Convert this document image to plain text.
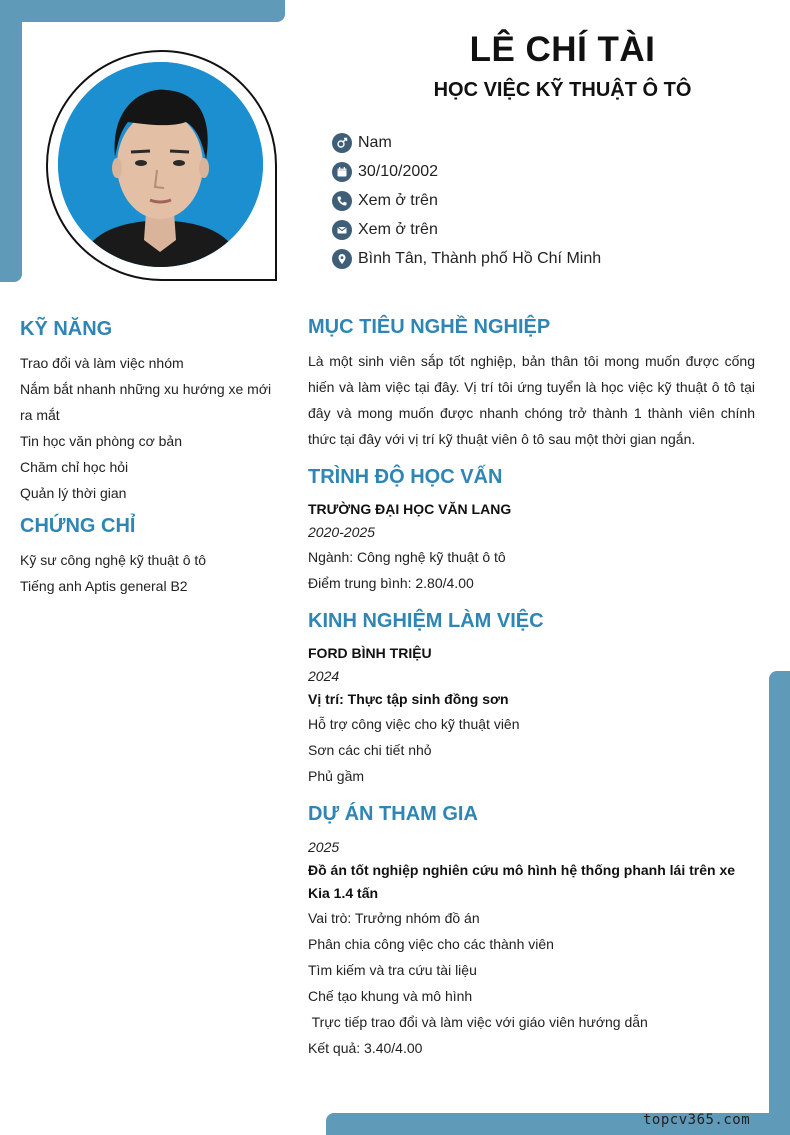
LÊ CHÍ TÀI
HỌC VIỆC KỸ THUẬT Ô TÔ
Nam
30/10/2002
Xem ở trên
Xem ở trên
Bình Tân, Thành phố Hồ Chí Minh
KỸ NĂNG
Trao đổi và làm việc nhóm
Nắm bắt nhanh những xu hướng xe mới ra mắt
Tin học văn phòng cơ bản
Chăm chỉ học hỏi
Quản lý thời gian
CHỨNG CHỈ
Kỹ sư công nghệ kỹ thuật ô tô
Tiếng anh Aptis general B2
MỤC TIÊU NGHỀ NGHIỆP
Là một sinh viên sắp tốt nghiệp, bản thân tôi mong muốn được cống hiến và làm việc tại đây. Vị trí tôi ứng tuyển là học việc kỹ thuật ô tô tại đây và mong muốn được nhanh chóng trở thành 1 thành viên chính thức tại đây với vị trí kỹ thuật viên ô tô sau một thời gian ngắn.
TRÌNH ĐỘ HỌC VẤN
TRƯỜNG ĐẠI HỌC VĂN LANG
2020-2025
Ngành: Công nghệ kỹ thuật ô tô
Điểm trung bình: 2.80/4.00
KINH NGHIỆM LÀM VIỆC
FORD BÌNH TRIỆU
2024
Vị trí: Thực tập sinh đồng sơn
Hỗ trợ công việc cho kỹ thuật viên
Sơn các chi tiết nhỏ
Phủ gầm
DỰ ÁN THAM GIA
2025
Đồ án tốt nghiệp nghiên cứu mô hình hệ thống phanh lái trên xe Kia 1.4 tấn
Vai trò: Trưởng nhóm đồ án
Phân chia công việc cho các thành viên
Tìm kiếm và tra cứu tài liệu
Chế tạo khung và mô hình
Trực tiếp trao đổi và làm việc với giáo viên hướng dẫn
Kết quả: 3.40/4.00
topcv365.com
